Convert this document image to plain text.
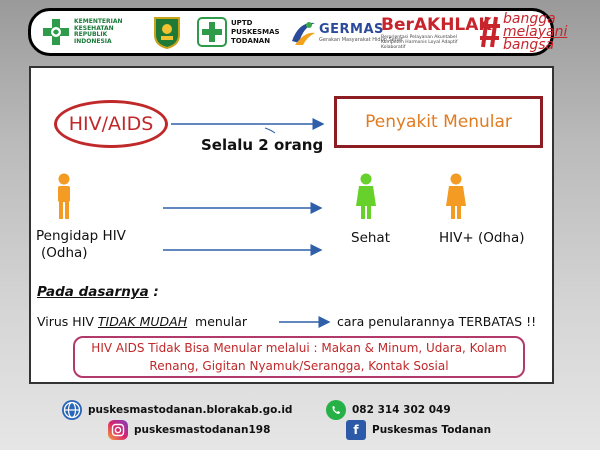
KEMENTERIAN
KESEHATAN
REPUBLIK
INDONESIA
UPTD
PUSKESMAS
TODANAN
GERMAS
Gerakan Masyarakat Hidup Sehat
BerAKHLAK
Berorientasi Pelayanan Akuntabel Kompeten Harmonis Loyal Adaptif Kolaboratif
bangga
melayani
bangsa
HIV/AIDS	Penyakit Menular
Selalu 2 orang
Pengidap HIV
(Odha)
Sehat	HIV+ (Odha)
Pada dasarnya :
Virus HIV TIDAK MUDAH  menular	cara penularannya TERBATAS !!
HIV AIDS Tidak Bisa Menular melalui : Makan & Minum, Udara, Kolam Renang, Gigitan Nyamuk/Serangga, Kontak Sosial
puskesmastodanan.blorakab.go.id	082 314 302 049
puskesmastodanan198	f	Puskesmas Todanan
